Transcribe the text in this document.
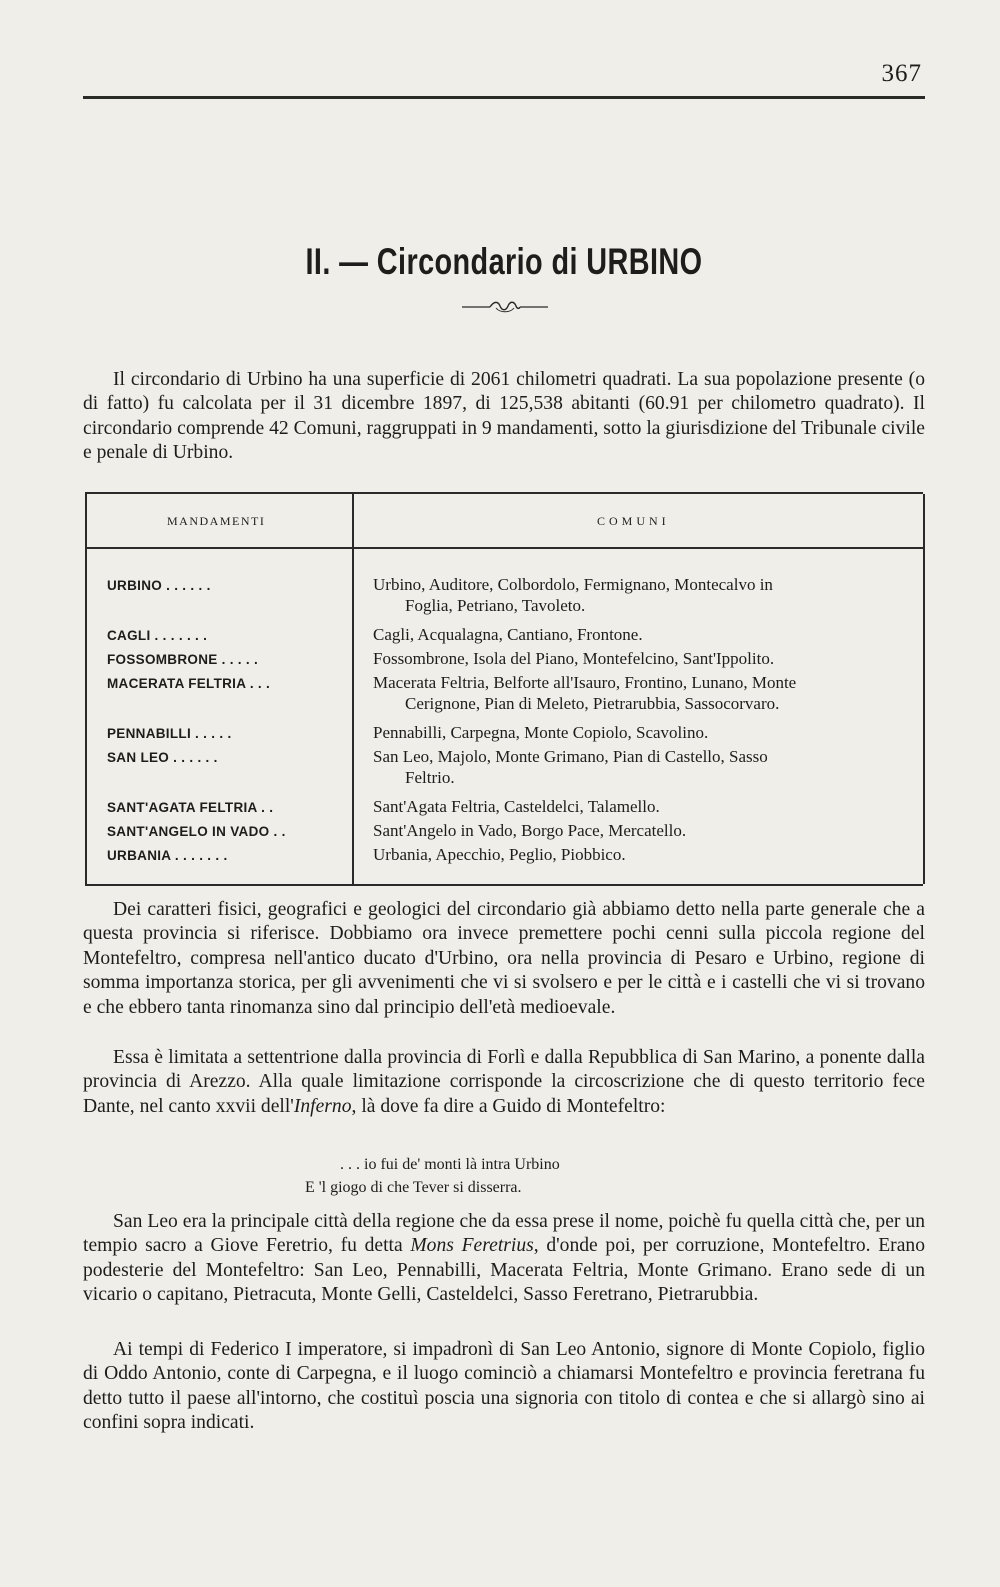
367
II. — Circondario di URBINO

Il circondario di Urbino ha una superficie di 2061 chilometri quadrati. La sua popolazione presente (o di fatto) fu calcolata per il 31 dicembre 1897, di 125,538 abitanti (60.91 per chilometro quadrato). Il circondario comprende 42 Comuni, raggruppati in 9 mandamenti, sotto la giurisdizione del Tribunale civile e penale di Urbino.

MANDAMENTI	COMUNI
URBINO . . . . . .	Urbino, Auditore, Colbordolo, Fermignano, Montecalvo in
Foglia, Petriano, Tavoleto.
CAGLI . . . . . . .	Cagli, Acqualagna, Cantiano, Frontone.
FOSSOMBRONE . . . . .	Fossombrone, Isola del Piano, Montefelcino, Sant'Ippolito.
MACERATA FELTRIA . . .	Macerata Feltria, Belforte all'Isauro, Frontino, Lunano, Monte
Cerignone, Pian di Meleto, Pietrarubbia, Sassocorvaro.
PENNABILLI . . . . .	Pennabilli, Carpegna, Monte Copiolo, Scavolino.
SAN LEO . . . . . .	San Leo, Majolo, Monte Grimano, Pian di Castello, Sasso
Feltrio.
SANT'AGATA FELTRIA . .	Sant'Agata Feltria, Casteldelci, Talamello.
SANT'ANGELO IN VADO . .	Sant'Angelo in Vado, Borgo Pace, Mercatello.
URBANIA . . . . . . .	Urbania, Apecchio, Peglio, Piobbico.

Dei caratteri fisici, geografici e geologici del circondario già abbiamo detto nella parte generale che a questa provincia si riferisce. Dobbiamo ora invece premettere pochi cenni sulla piccola regione del Montefeltro, compresa nell'antico ducato d'Urbino, ora nella provincia di Pesaro e Urbino, regione di somma importanza storica, per gli avvenimenti che vi si svolsero e per le città e i castelli che vi si trovano e che ebbero tanta rinomanza sino dal principio dell'età medioevale.

Essa è limitata a settentrione dalla provincia di Forlì e dalla Repubblica di San Marino, a ponente dalla provincia di Arezzo. Alla quale limitazione corrisponde la circoscrizione che di questo territorio fece Dante, nel canto xxvii dell'Inferno, là dove fa dire a Guido di Montefeltro:

. . . io fui de' monti là intra Urbino
E 'l giogo di che Tever si disserra.

San Leo era la principale città della regione che da essa prese il nome, poichè fu quella città che, per un tempio sacro a Giove Feretrio, fu detta Mons Feretrius, d'onde poi, per corruzione, Montefeltro. Erano podesterie del Montefeltro: San Leo, Pennabilli, Macerata Feltria, Monte Grimano. Erano sede di un vicario o capitano, Pietracuta, Monte Gelli, Casteldelci, Sasso Feretrano, Pietrarubbia.

Ai tempi di Federico I imperatore, si impadronì di San Leo Antonio, signore di Monte Copiolo, figlio di Oddo Antonio, conte di Carpegna, e il luogo cominciò a chiamarsi Montefeltro e provincia feretrana fu detto tutto il paese all'intorno, che costituì poscia una signoria con titolo di contea e che si allargò sino ai confini sopra indicati.
